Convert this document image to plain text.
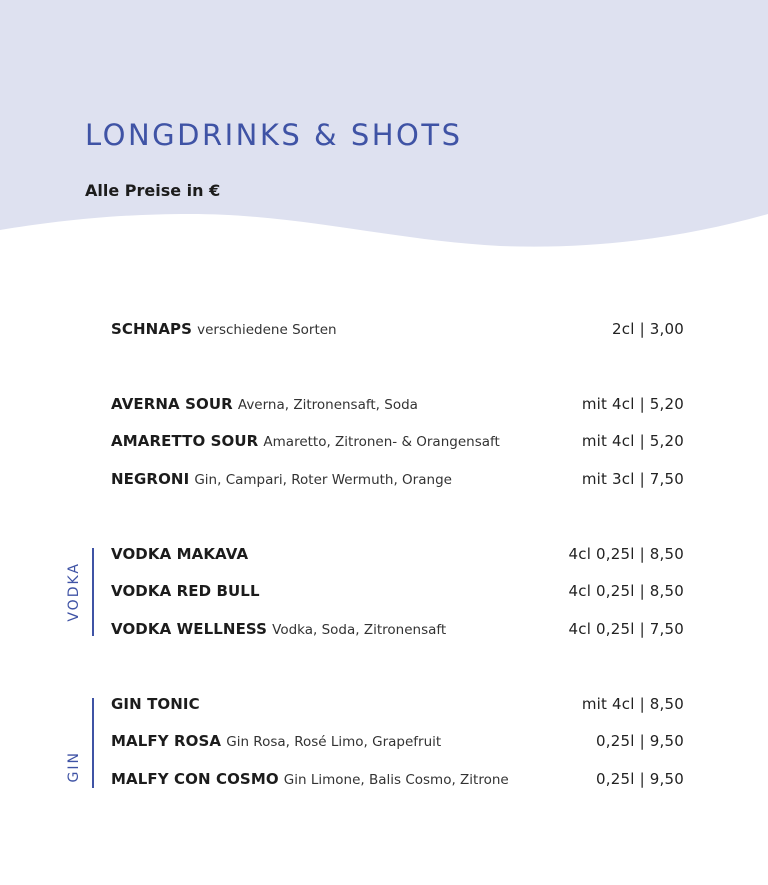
LONGDRINKS & SHOTS

Alle Preise in €

SCHNAPS verschiedene Sorten	2cl | 3,00
AVERNA SOUR Averna, Zitronensaft, Soda	mit 4cl | 5,20
AMARETTO SOUR Amaretto, Zitronen- & Orangensaft	mit 4cl | 5,20
NEGRONI Gin, Campari, Roter Wermuth, Orange	mit 3cl | 7,50
VODKA MAKAVA	4cl 0,25l | 8,50
VODKA RED BULL	4cl 0,25l | 8,50
VODKA WELLNESS Vodka, Soda, Zitronensaft	4cl 0,25l | 7,50
GIN TONIC	mit 4cl | 8,50
MALFY ROSA Gin Rosa, Rosé Limo, Grapefruit	0,25l | 9,50
MALFY CON COSMO Gin Limone, Balis Cosmo, Zitrone	0,25l | 9,50
VODKA
GIN
